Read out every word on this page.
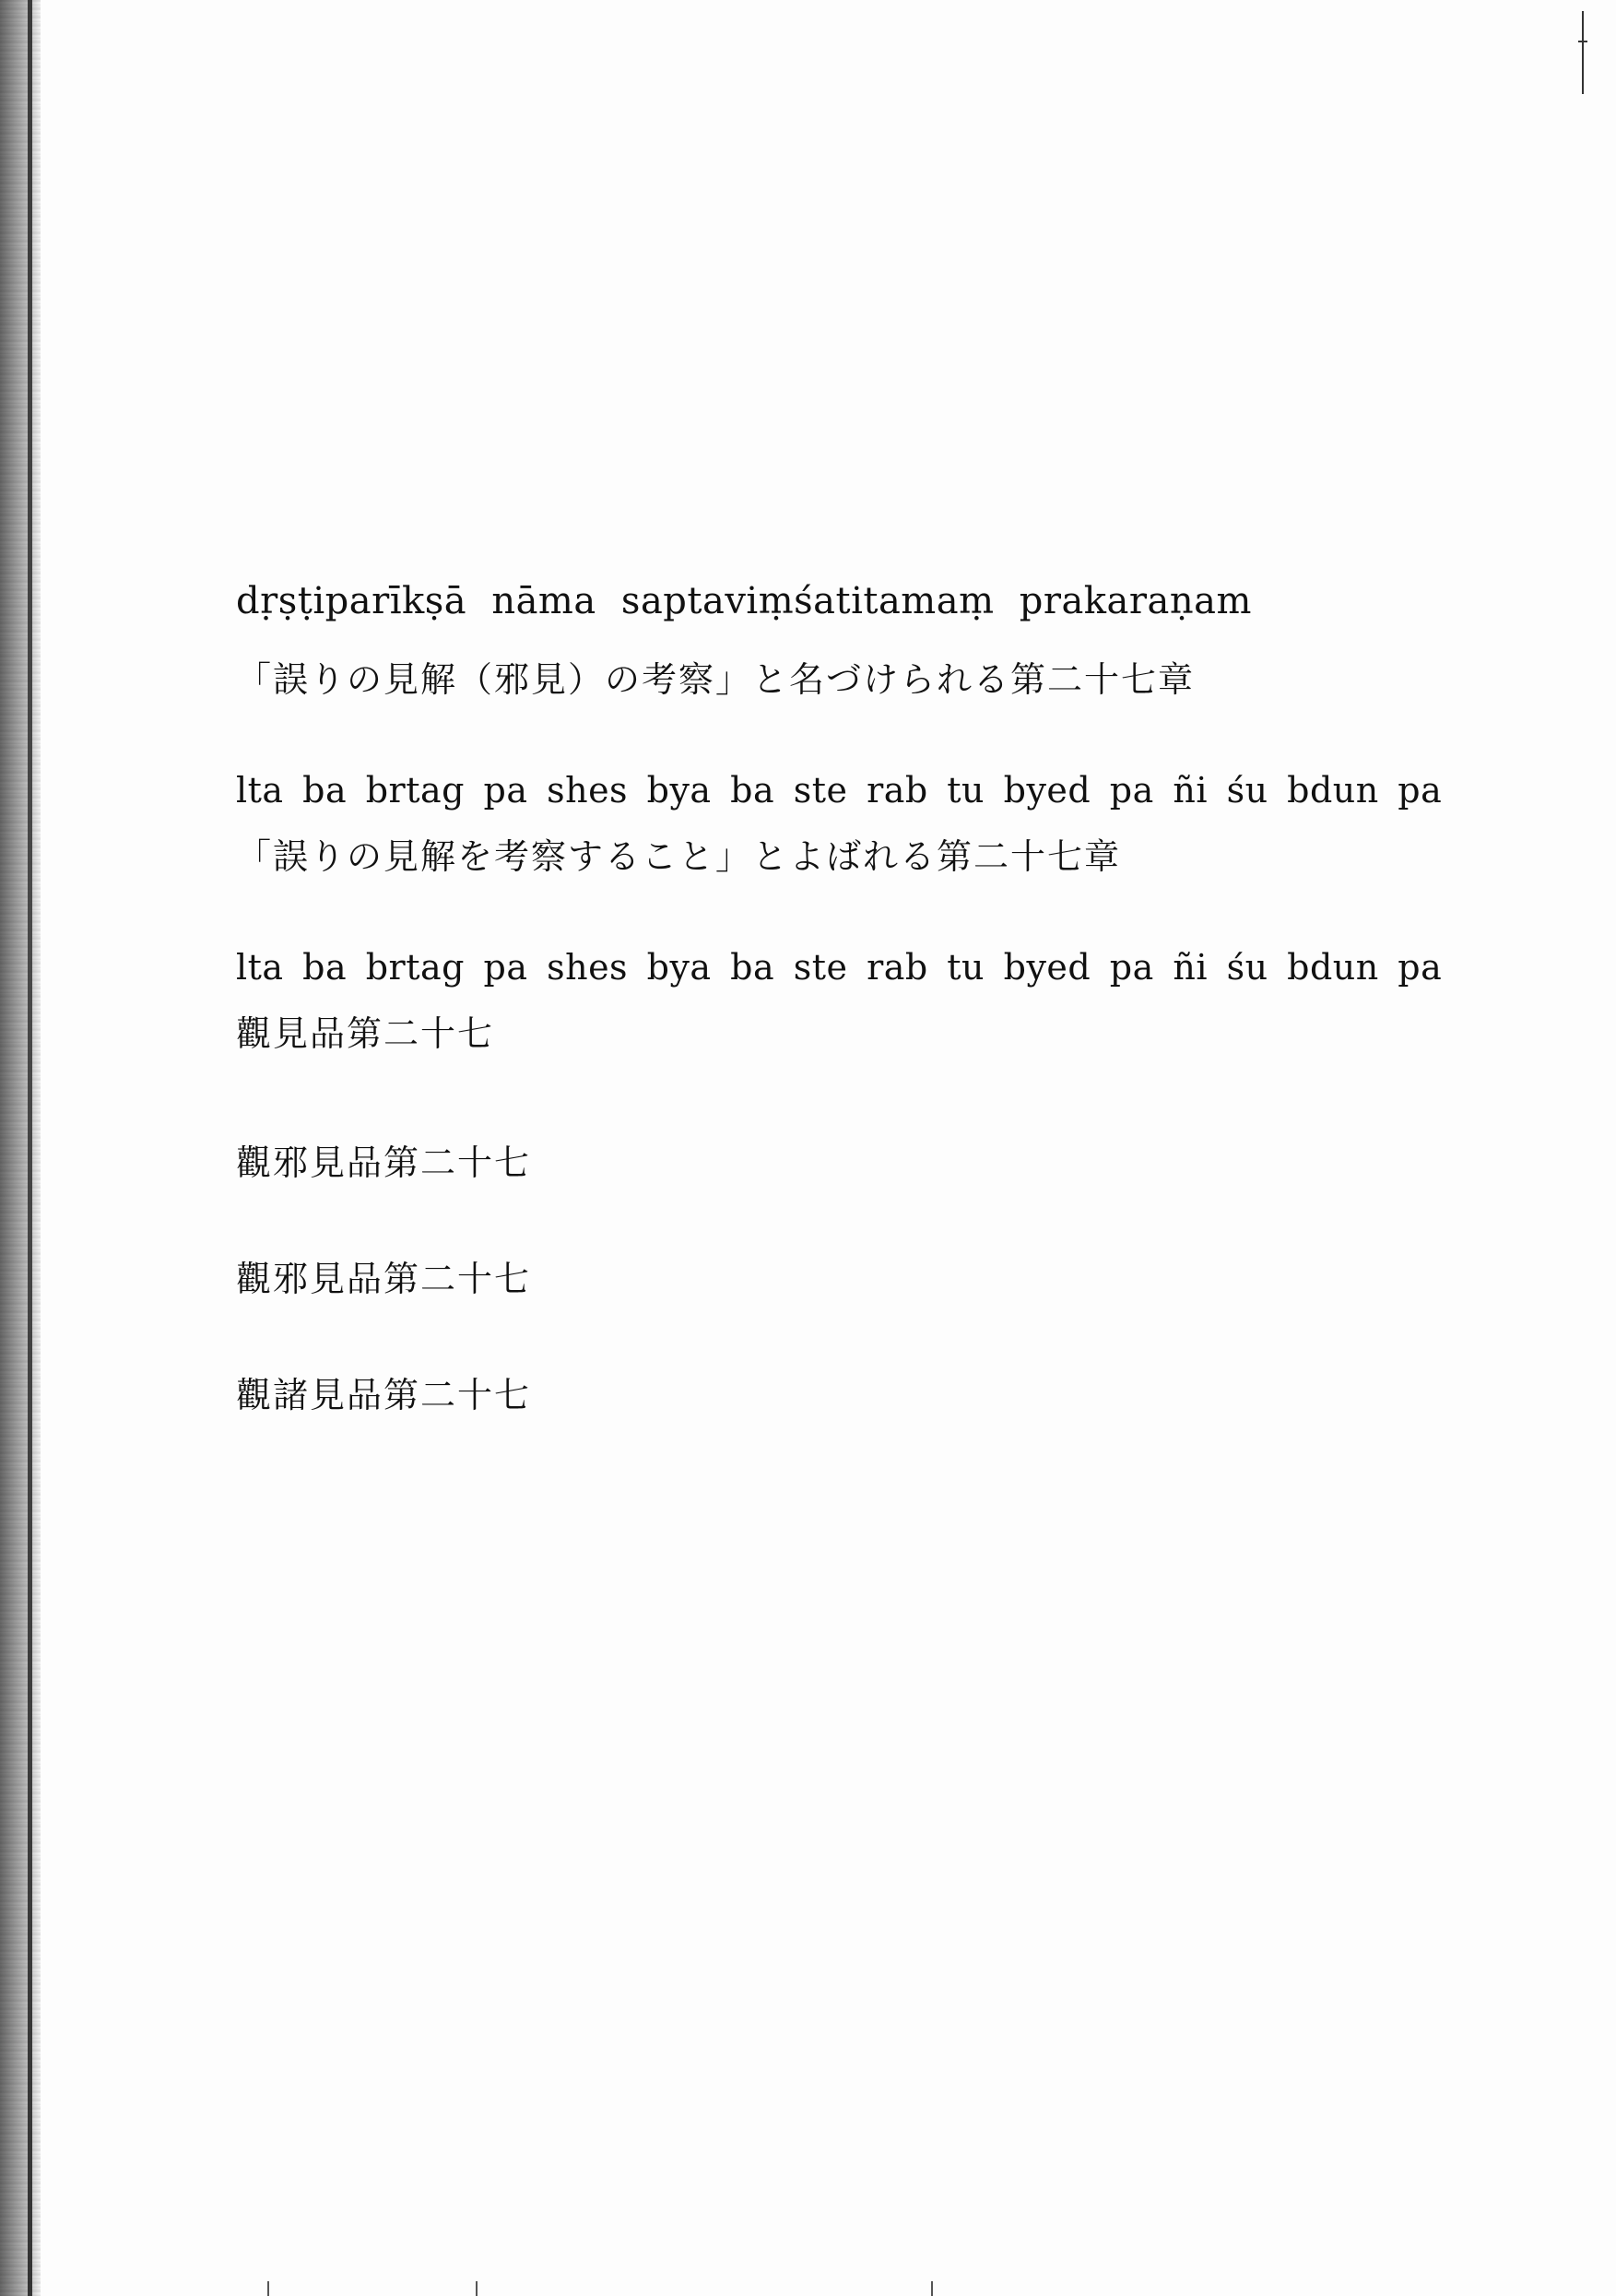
dṛṣṭiparīkṣā nāma saptaviṃśatitamaṃ prakaraṇam
「誤りの見解（邪見）の考察」と名づけられる第二十七章
lta ba brtag pa shes bya ba ste rab tu byed pa ñi śu bdun pa
「誤りの見解を考察すること」とよばれる第二十七章
lta ba brtag pa shes bya ba ste rab tu byed pa ñi śu bdun pa
觀見品第二十七
觀邪見品第二十七
觀邪見品第二十七
觀諸見品第二十七
